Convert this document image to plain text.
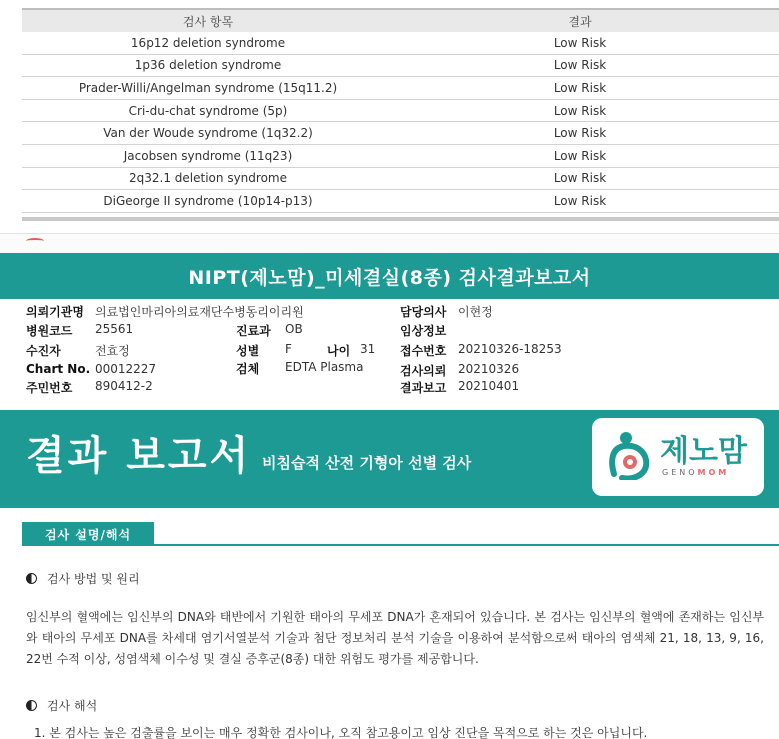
검사 항목	결과
16p12 deletion syndrome	Low Risk
1p36 deletion syndrome	Low Risk
Prader-Willi/Angelman syndrome (15q11.2)	Low Risk
Cri-du-chat syndrome (5p)	Low Risk
Van der Woude syndrome (1q32.2)	Low Risk
Jacobsen syndrome (11q23)	Low Risk
2q32.1 deletion syndrome	Low Risk
DiGeorge II syndrome (10p14-p13)	Low Risk
NIPT(제노맘)_미세결실(8종) 검사결과보고서
의뢰기관명 의료법인마리아의료재단수병동리이리원	담당의사 이현정
병원코드 25561	진료과 OB	임상정보
수진자	전효정	성별 F	나이 31 접수번호 20210326-18253
Chart No. 00012227	검체 EDTA Plasma	검사의뢰 20210326
주민번호 890412-2	결과보고 20210401
결과 보고서 비침습적 산전 기형아 선별 검사	제노맘
GENOMOM
검사 설명/해석
검사 방법 및 원리

임신부의 혈액에는 임신부의 DNA와 태반에서 기원한 태아의 무세포 DNA가 혼재되어 있습니다. 본 검사는 임신부의 혈액에 존재하는 임신부와 태아의 무세포 DNA를 차세대 염기서열분석 기술과 첨단 정보처리 분석 기술을 이용하여 분석함으로써 태아의 염색체 21, 18, 13, 9, 16, 22번 수적 이상, 성염색체 이수성 및 결실 증후군(8종) 대한 위험도 평가를 제공합니다.

검사 해석
1. 본 검사는 높은 검출률을 보이는 매우 정확한 검사이나, 오직 참고용이고 임상 진단을 목적으로 하는 것은 아닙니다.
